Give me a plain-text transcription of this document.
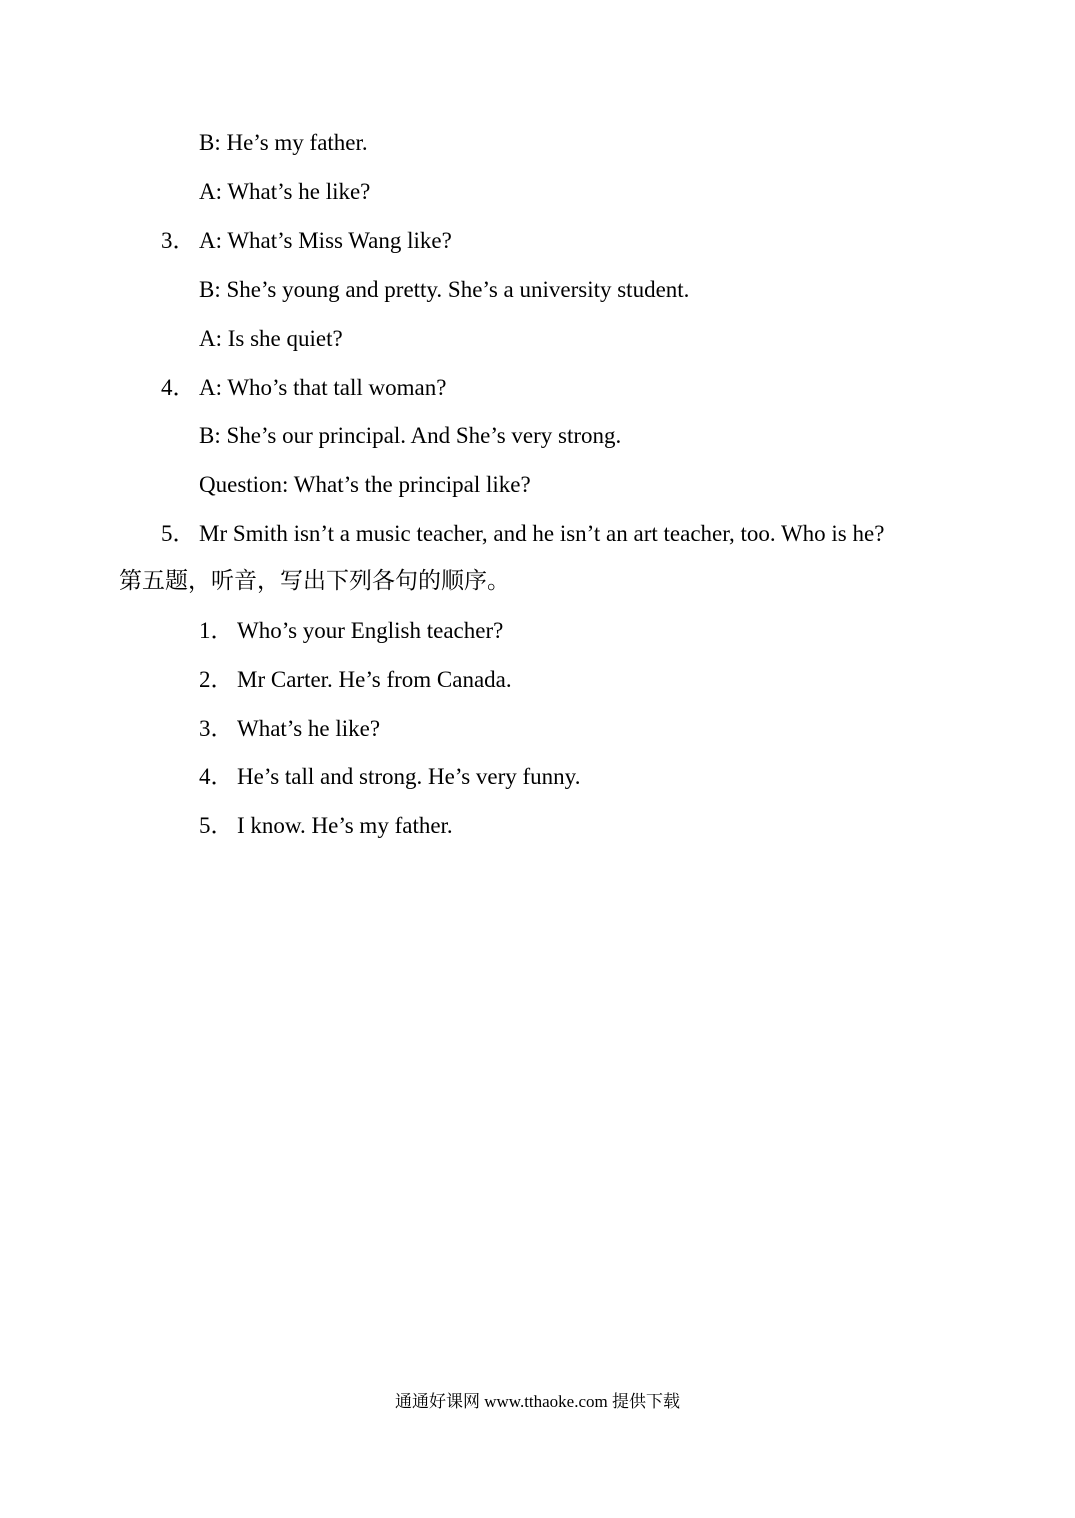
B: He’s my father.
A: What’s he like?
3． A: What’s Miss Wang like?
B: She’s young and pretty. She’s a university student.
A: Is she quiet?
4． A: Who’s that tall woman?
B: She’s our principal. And She’s very strong.
Question: What’s the principal like?
5． Mr Smith isn’t a music teacher, and he isn’t an art teacher, too. Who is he?
第五题，听音，写出下列各句的顺序。
1． Who’s your English teacher?
2． Mr Carter. He’s from Canada.
3． What’s he like?
4． He’s tall and strong. He’s very funny.
5． I know. He’s my father.
通通好课网 www.tthaoke.com 提供下载
